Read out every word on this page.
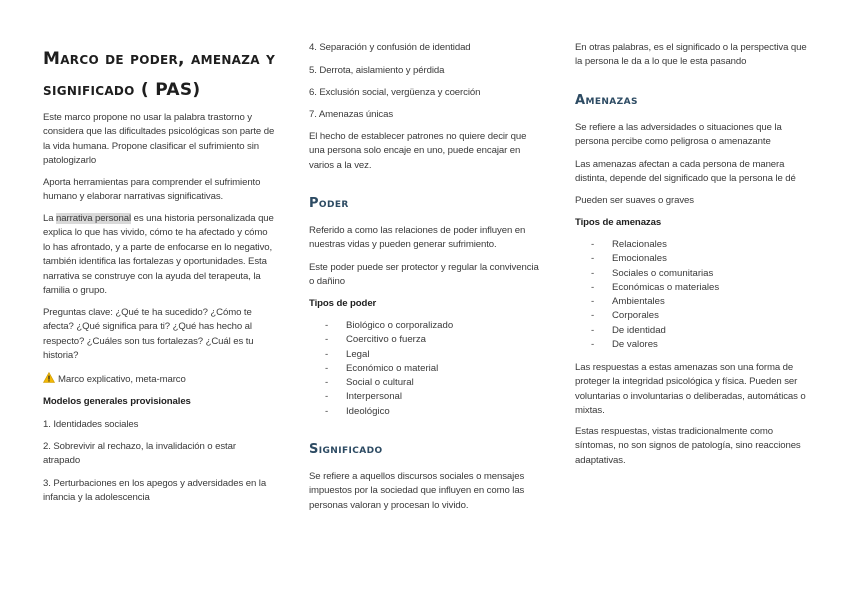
Marco de poder, amenaza y significado ( PAS)

Este marco propone no usar la palabra trastorno y considera que las dificultades psicológicas son parte de la vida humana. Propone clasificar el sufrimiento sin patologizarlo

Aporta herramientas para comprender el sufrimiento humano y elaborar narrativas significativas.

La narrativa personal es una historia personalizada que explica lo que has vivido, cómo te ha afectado y cómo lo has afrontado, y a parte de enfocarse en lo negativo, también identifica las fortalezas y oportunidades. Esta narrativa se construye con la ayuda del terapeuta, la familia o grupo.

Preguntas clave: ¿Qué te ha sucedido? ¿Cómo te afecta? ¿Qué significa para ti? ¿Qué has hecho al respecto? ¿Cuáles son tus fortalezas? ¿Cuál es tu historia?

Marco explicativo, meta-marco

Modelos generales provisionales

1. Identidades sociales

2. Sobrevivir al rechazo, la invalidación o estar atrapado

3. Perturbaciones en los apegos y adversidades en la infancia y la adolescencia

4. Separación y confusión de identidad

5. Derrota, aislamiento y pérdida

6. Exclusión social, vergüenza y coerción

7. Amenazas únicas

El hecho de establecer patrones no quiere decir que una persona solo encaje en uno, puede encajar en varios a la vez.

Poder

Referido a como las relaciones de poder influyen en nuestras vidas y pueden generar sufrimiento.

Este poder puede ser protector y regular la convivencia o dañino

Tipos de poder

- Biológico o corporalizado
- Coercitivo o fuerza
- Legal
- Económico o material
- Social o cultural
- Interpersonal
- Ideológico
Significado

Se refiere a aquellos discursos sociales o mensajes impuestos por la sociedad que influyen en como las personas valoran y procesan lo vivido.

En otras palabras, es el significado o la perspectiva que la persona le da a lo que le esta pasando

Amenazas

Se refiere a las adversidades o situaciones que la persona percibe como peligrosa o amenazante

Las amenazas afectan a cada persona de manera distinta, depende del significado que la persona le dé

Pueden ser suaves o graves

Tipos de amenazas

- Relacionales
- Emocionales
- Sociales o comunitarias
- Económicas o materiales
- Ambientales
- Corporales
- De identidad
- De valores

Las respuestas a estas amenazas son una forma de proteger la integridad psicológica y física. Pueden ser voluntarias o involuntarias o deliberadas, automáticas o mixtas.

Estas respuestas, vistas tradicionalmente como síntomas, no son signos de patología, sino reacciones adaptativas.
